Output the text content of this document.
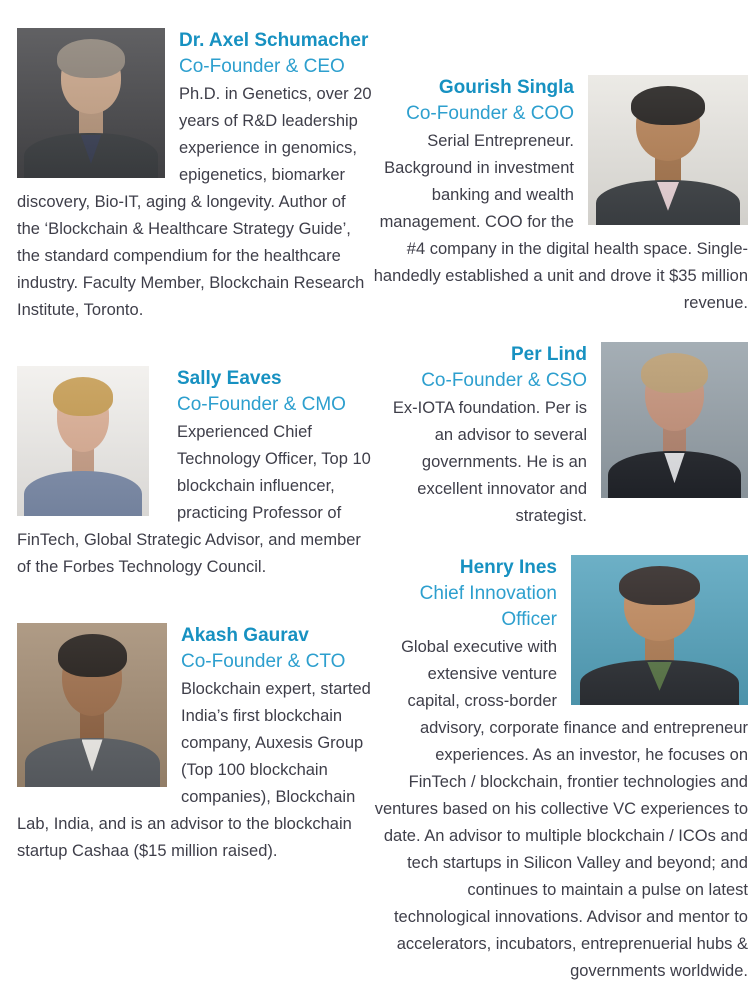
Dr. Axel Schumacher
Co-Founder & CEO

Ph.D. in Genetics, over 20 years of R&D leadership experience in genomics, epigenetics, biomarker discovery, Bio-IT, aging & longevity. Author of the ‘Blockchain & Healthcare Strategy Guide’, the standard compendium for the healthcare industry. Faculty Member, Blockchain Research Institute, Toronto.

Sally Eaves
Co-Founder & CMO

Experienced Chief Technology Officer, Top 10 blockchain influencer, practicing Professor of FinTech, Global Strategic Advisor, and member of the Forbes Technology Council.

Akash Gaurav
Co-Founder & CTO

Blockchain expert, started India’s first blockchain company, Auxesis Group (Top 100 blockchain companies), Blockchain Lab, India, and is an advisor to the blockchain startup Cashaa ($15 million raised).

Gourish Singla
Co-Founder & COO

Serial Entrepreneur. Background in investment banking and wealth management. COO for the #4 company in the digital health space. Single-handedly established a unit and drove it $35 million revenue.

Per Lind
Co-Founder & CSO

Ex-IOTA foundation. Per is an advisor to several governments. He is an excellent innovator and strategist.

Henry Ines
Chief Innovation Officer

Global executive with extensive venture capital, cross-border advisory, corporate finance and entrepreneur experiences. As an investor, he focuses on FinTech / blockchain, frontier technologies and ventures based on his collective VC experiences to date. An advisor to multiple blockchain / ICOs and tech startups in Silicon Valley and beyond; and continues to maintain a pulse on latest technological innovations. Advisor and mentor to accelerators, incubators, entreprenuerial hubs & governments worldwide.
